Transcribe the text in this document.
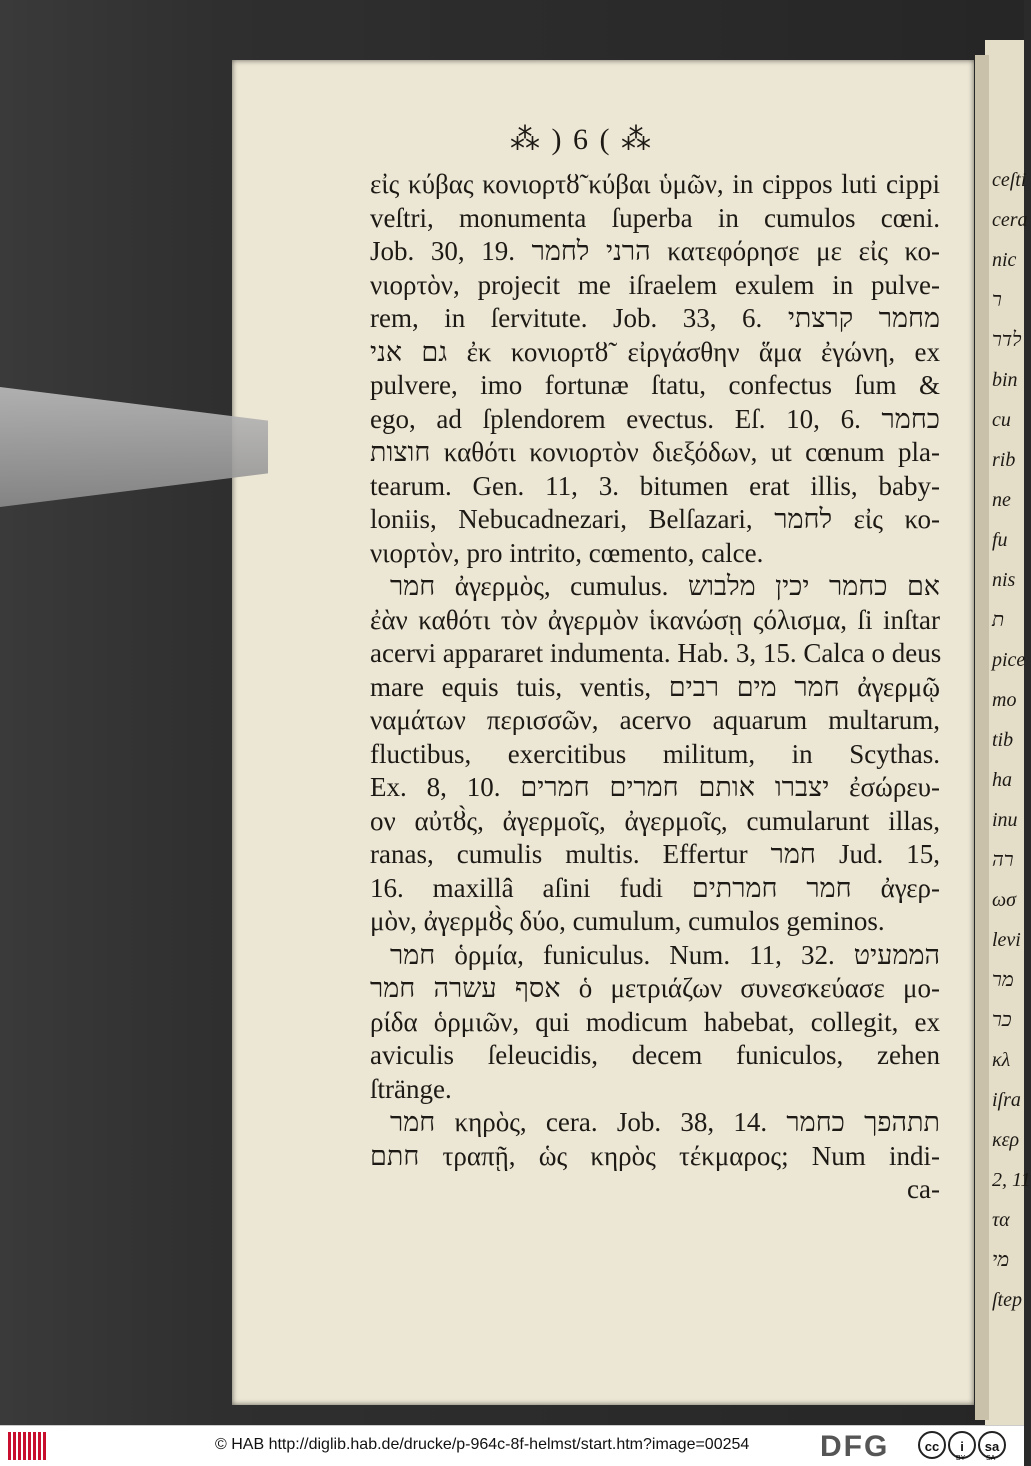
⁂ ) 6 ( ⁂
εἰς κύβας κονιορτȣ̃ κύβαι ὑμῶν, in cippos luti cippi
veſtri, monumenta ſuperba in cumulos cœni.
Job. 30, 19. הרני לחמר κατεφόρησε με εἰς κο-
νιορτὸν, projecit me iſraelem exulem in pulve-
rem, in ſervitute. Job. 33, 6. מחמר קרצתי
גם אני ἐκ κονιορτȣ̃ εἰργάσθην ἅμα ἐγώνη, ex
pulvere, imo fortunæ ſtatu, confectus ſum &
ego, ad ſplendorem evectus. Eſ. 10, 6. כחמר
חוצות καθότι κονιορτὸν διεξόδων, ut cœnum pla-
tearum. Gen. 11, 3. bitumen erat illis, baby-
loniis, Nebucadnezari, Belſazari, לחמר εἰς κο-
νιορτὸν, pro intrito, cœmento, calce.
חמר ἀγερμὸς, cumulus. אם כחמר יכין מלבוש
ἐὰν καθότι τὸν ἀγερμὸν ἱκανώσῃ ςόλισμα, ſi inſtar
acervi appararet indumenta. Hab. 3, 15. Calca o deus
mare equis tuis, ventis, חמר מים רבים ἀγερμῷ
ναμάτων περισσῶν, acervo aquarum multarum,
fluctibus, exercitibus militum, in Scythas.
Ex. 8, 10. יצברו אותם חמרים חמרים ἐσώρευ-
ον αὐτȣ̀ς, ἀγερμοῖς, ἀγερμοῖς, cumularunt illas,
ranas, cumulis multis. Effertur חמר Jud. 15,
16. maxillâ aſini fudi חמר חמרתים ἀγερ-
μὸν, ἀγερμȣ̀ς δύο, cumulum, cumulos geminos.
חמר ὁρμία, funiculus. Num. 11, 32. הממעיט
אסף עשרה חמר ὁ μετριάζων συνεσκεύασε μο-
ρίδα ὁρμιῶν, qui modicum habebat, collegit, ex
aviculis ſeleucidis, decem funiculos, zehen
ſtränge.
חמר κηρὸς, cera. Job. 38, 14. תתהפך כחמר
חתם τραπῇ, ὡς κηρὸς τέκμαρος; Num indi-
ca-
ceſti
cera
nic
ר
לדר
bin
cu
rib
ne
fu
nis
ת
pice
mo
tib
ha
inu
רה
ωσ
levi
מר
כר
κλ
iſra
κερ
2, 11
τα
מי
ſtep
© HAB http://diglib.hab.de/drucke/p-964c-8f-helmst/start.htm?image=00254 DFG	cc i sa
BY	SA
